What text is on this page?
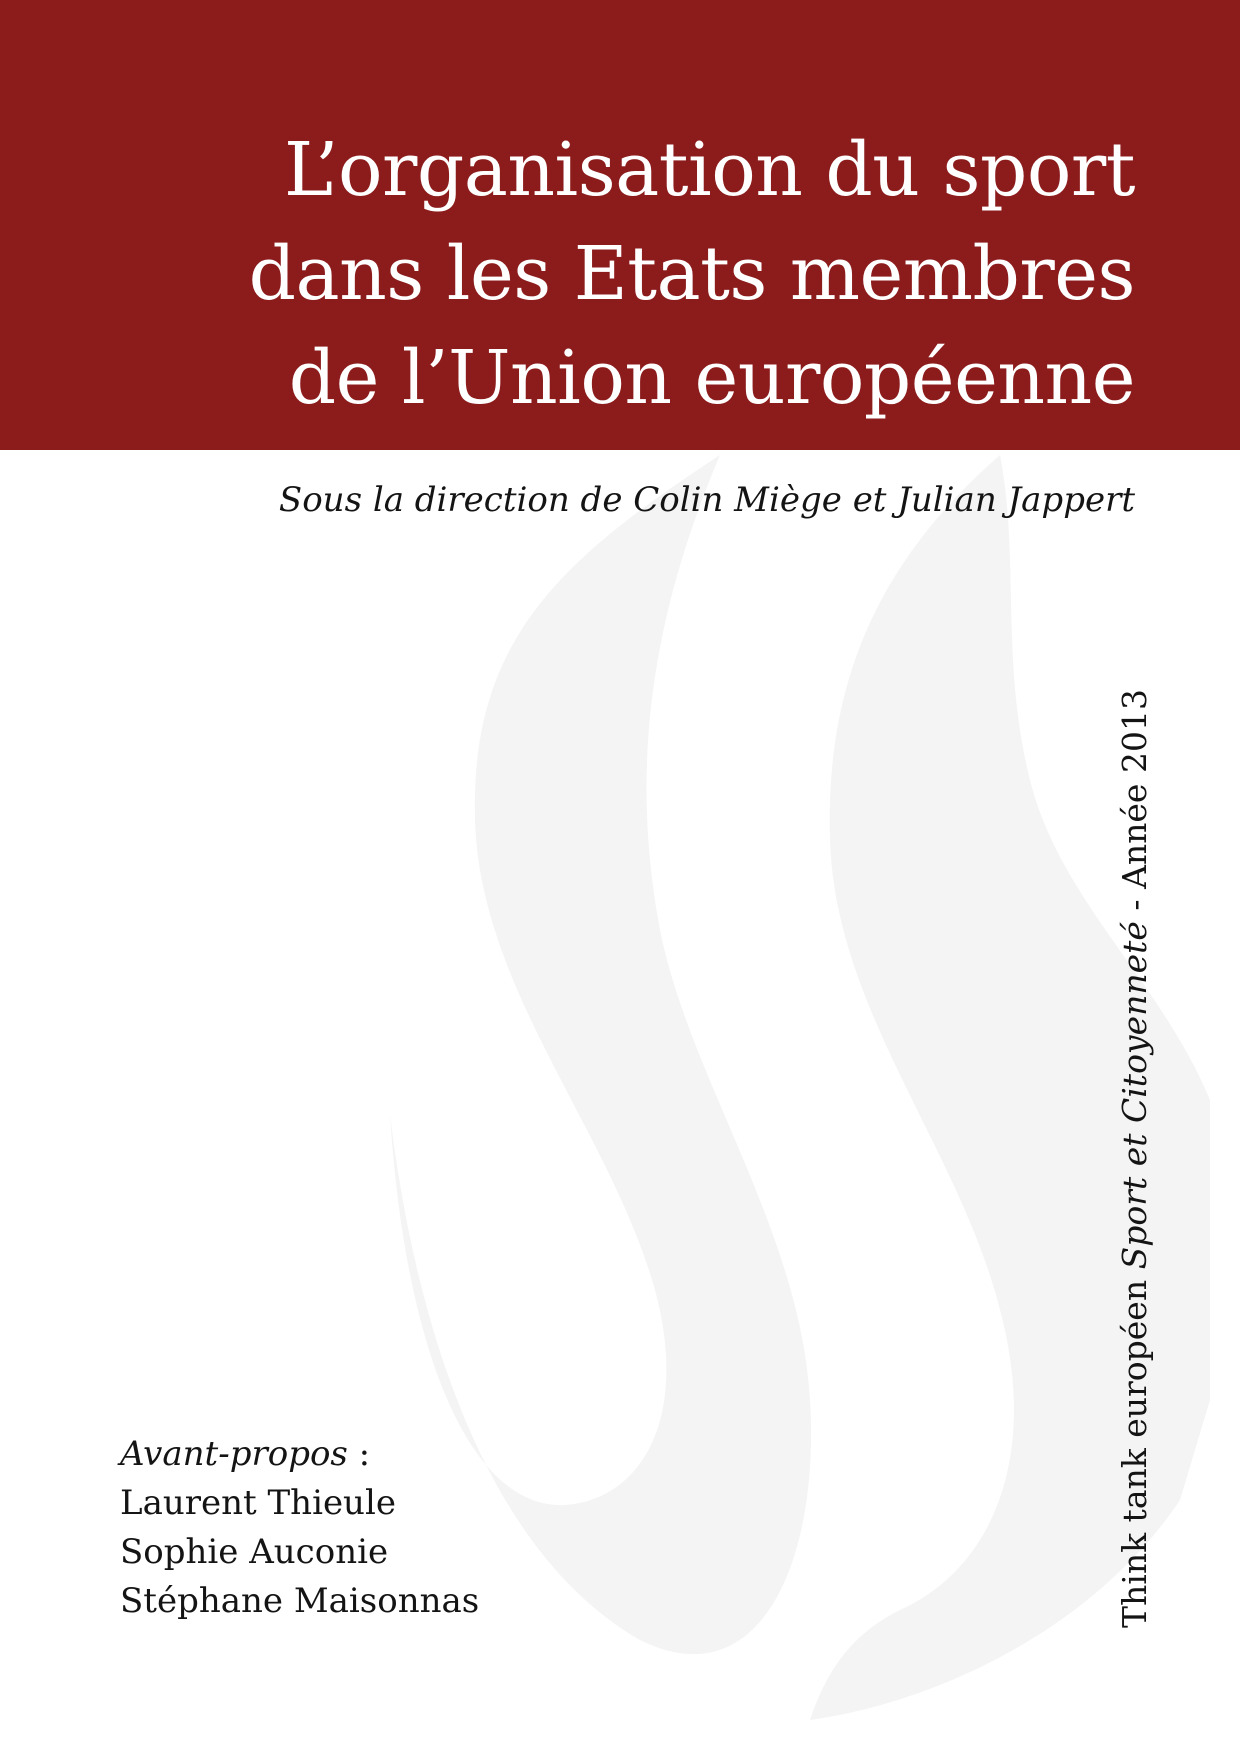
L’organisation du sport
dans les Etats membres
de l’Union européenne
Sous la direction de Colin Miège et Julian Jappert
Think tank européen Sport et Citoyenneté - Année 2013
Avant-propos :
Laurent Thieule
Sophie Auconie
Stéphane Maisonnas
